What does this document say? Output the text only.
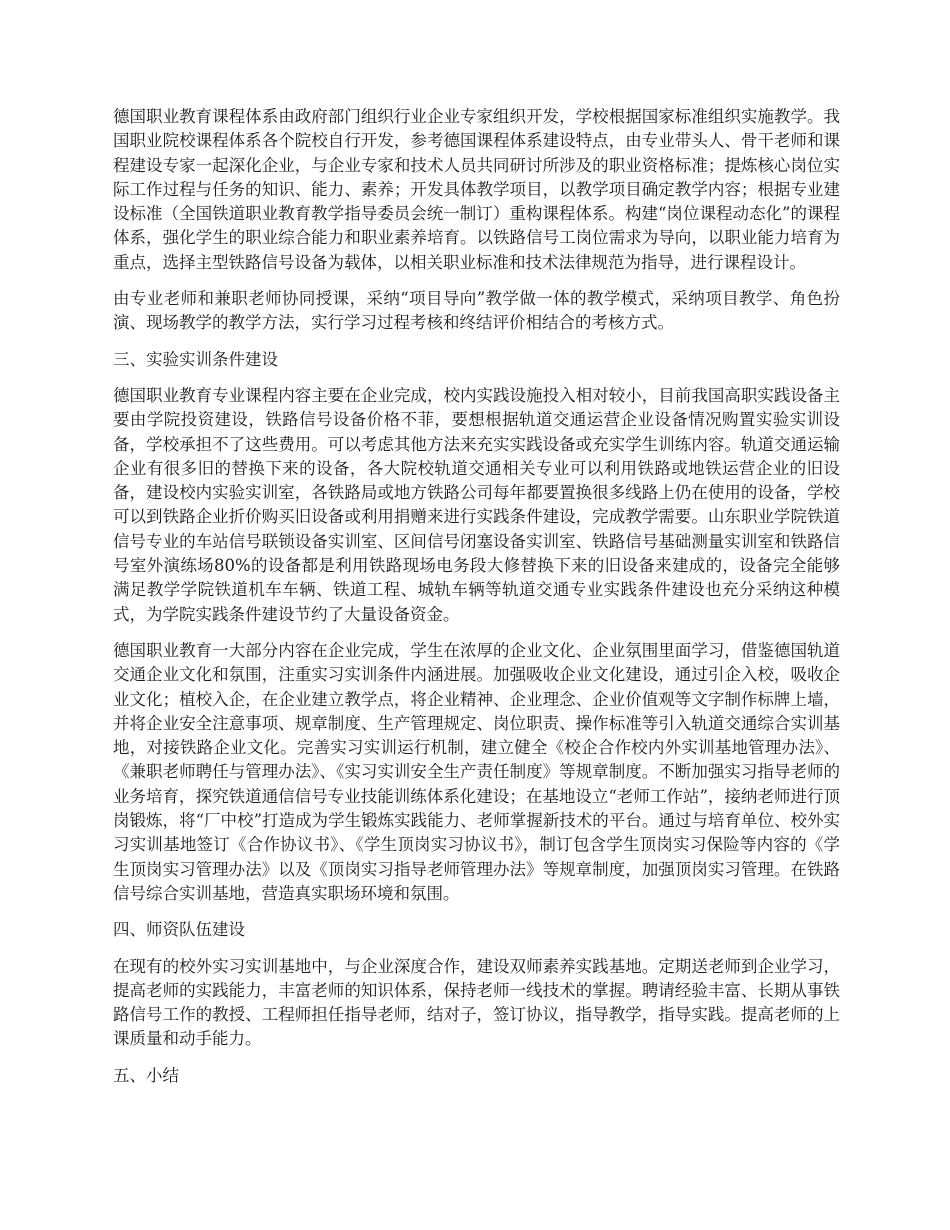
德国职业教育课程体系由政府部门组织行业企业专家组织开发，学校根据国家标准组织实施教学。我国职业院校课程体系各个院校自行开发，参考德国课程体系建设特点，由专业带头人、骨干老师和课程建设专家一起深化企业，与企业专家和技术人员共同研讨所涉及的职业资格标准；提炼核心岗位实际工作过程与任务的知识、能力、素养；开发具体教学项目，以教学项目确定教学内容；根据专业建设标准（全国铁道职业教育教学指导委员会统一制订）重构课程体系。构建“岗位课程动态化”的课程体系，强化学生的职业综合能力和职业素养培育。以铁路信号工岗位需求为导向，以职业能力培育为重点，选择主型铁路信号设备为载体，以相关职业标准和技术法律规范为指导，进行课程设计。

由专业老师和兼职老师协同授课，采纳“项目导向”教学做一体的教学模式，采纳项目教学、角色扮演、现场教学的教学方法，实行学习过程考核和终结评价相结合的考核方式。

三、实验实训条件建设

德国职业教育专业课程内容主要在企业完成，校内实践设施投入相对较小，目前我国高职实践设备主要由学院投资建设，铁路信号设备价格不菲，要想根据轨道交通运营企业设备情况购置实验实训设备，学校承担不了这些费用。可以考虑其他方法来充实实践设备或充实学生训练内容。轨道交通运输企业有很多旧的替换下来的设备，各大院校轨道交通相关专业可以利用铁路或地铁运营企业的旧设备，建设校内实验实训室，各铁路局或地方铁路公司每年都要置换很多线路上仍在使用的设备，学校可以到铁路企业折价购买旧设备或利用捐赠来进行实践条件建设，完成教学需要。山东职业学院铁道信号专业的车站信号联锁设备实训室、区间信号闭塞设备实训室、铁路信号基础测量实训室和铁路信号室外演练场80%的设备都是利用铁路现场电务段大修替换下来的旧设备来建成的，设备完全能够满足教学学院铁道机车车辆、铁道工程、城轨车辆等轨道交通专业实践条件建设也充分采纳这种模式，为学院实践条件建设节约了大量设备资金。

德国职业教育一大部分内容在企业完成，学生在浓厚的企业文化、企业氛围里面学习，借鉴德国轨道交通企业文化和氛围，注重实习实训条件内涵进展。加强吸收企业文化建设，通过引企入校，吸收企业文化；植校入企，在企业建立教学点，将企业精神、企业理念、企业价值观等文字制作标牌上墙，并将企业安全注意事项、规章制度、生产管理规定、岗位职责、操作标准等引入轨道交通综合实训基地，对接铁路企业文化。完善实习实训运行机制，建立健全《校企合作校内外实训基地管理办法》、《兼职老师聘任与管理办法》、《实习实训安全生产责任制度》等规章制度。不断加强实习指导老师的业务培育，探究铁道通信信号专业技能训练体系化建设；在基地设立“老师工作站”，接纳老师进行顶岗锻炼，将“厂中校”打造成为学生锻炼实践能力、老师掌握新技术的平台。通过与培育单位、校外实习实训基地签订《合作协议书》、《学生顶岗实习协议书》，制订包含学生顶岗实习保险等内容的《学生顶岗实习管理办法》以及《顶岗实习指导老师管理办法》等规章制度，加强顶岗实习管理。在铁路信号综合实训基地，营造真实职场环境和氛围。

四、师资队伍建设

在现有的校外实习实训基地中，与企业深度合作，建设双师素养实践基地。定期送老师到企业学习，提高老师的实践能力，丰富老师的知识体系，保持老师一线技术的掌握。聘请经验丰富、长期从事铁路信号工作的教授、工程师担任指导老师，结对子，签订协议，指导教学，指导实践。提高老师的上课质量和动手能力。

五、小结
